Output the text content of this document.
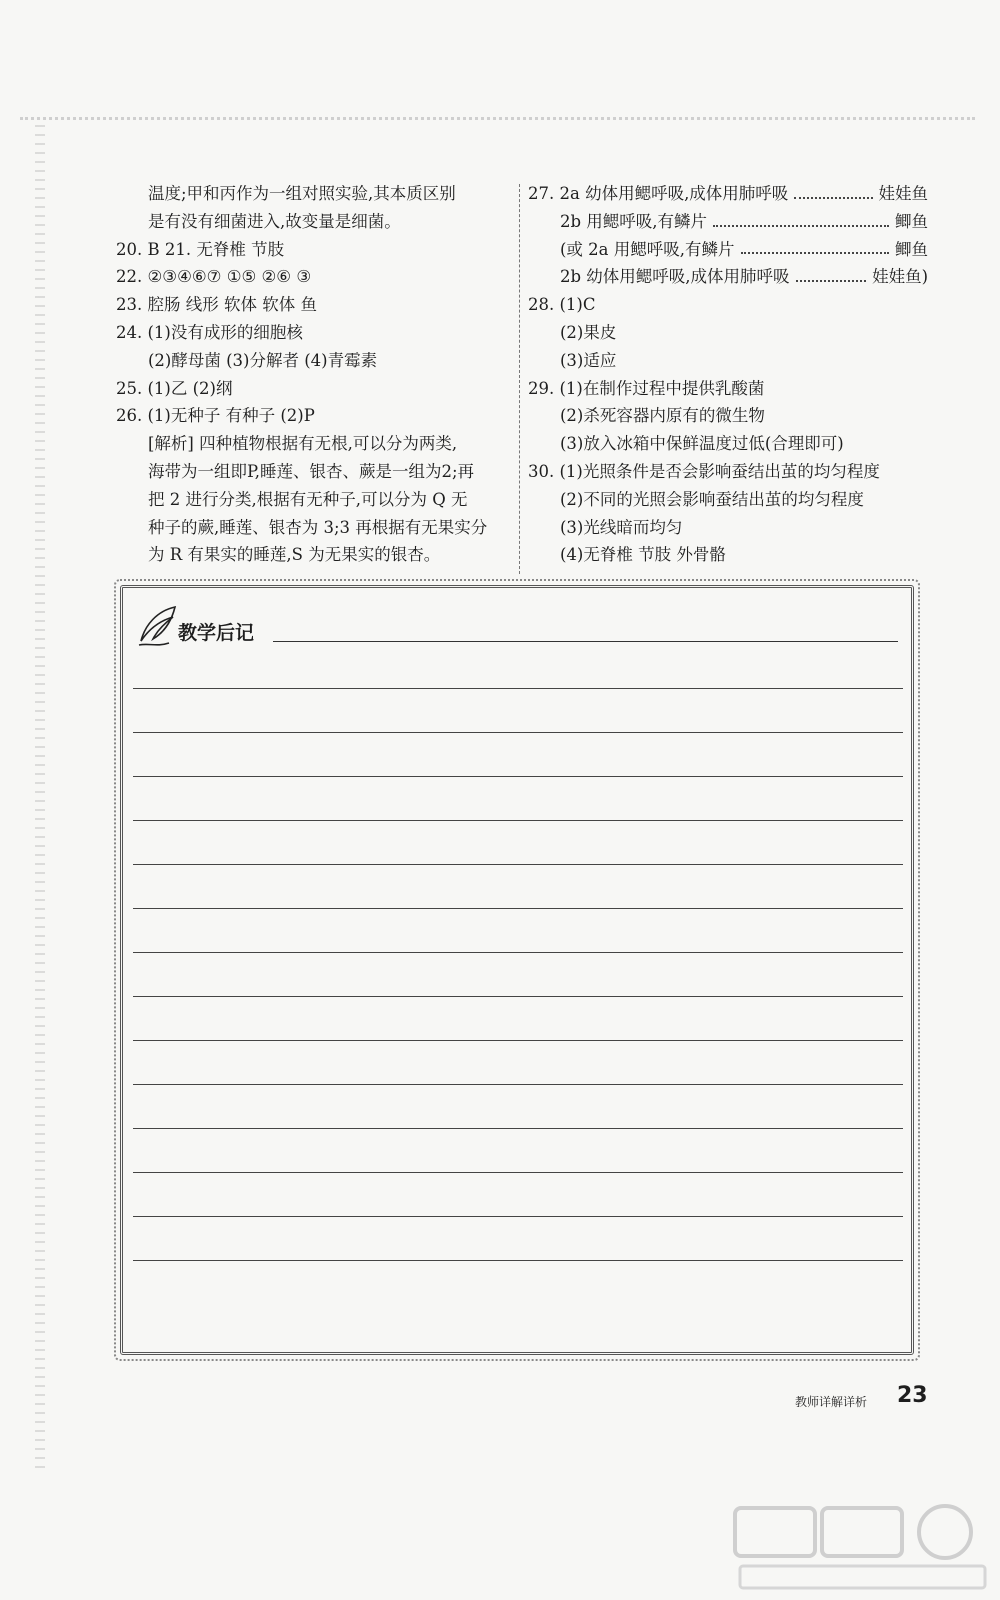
温度;甲和丙作为一组对照实验,其本质区别
是有没有细菌进入,故变量是细菌。
20. B 21. 无脊椎 节肢
22. ②③④⑥⑦ ①⑤ ②⑥ ③
23. 腔肠 线形 软体 软体 鱼
24. (1)没有成形的细胞核
(2)酵母菌 (3)分解者 (4)青霉素
25. (1)乙 (2)纲
26. (1)无种子 有种子 (2)P
[解析] 四种植物根据有无根,可以分为两类,
海带为一组即P,睡莲、银杏、蕨是一组为2;再
把 2 进行分类,根据有无种子,可以分为 Q 无
种子的蕨,睡莲、银杏为 3;3 再根据有无果实分
为 R 有果实的睡莲,S 为无果实的银杏。
27. 2a 幼体用鳃呼吸,成体用肺呼吸	娃娃鱼
2b 用鳃呼吸,有鳞片	鲫鱼
(或 2a 用鳃呼吸,有鳞片	鲫鱼
2b 幼体用鳃呼吸,成体用肺呼吸	娃娃鱼)
28. (1)C
(2)果皮
(3)适应
29. (1)在制作过程中提供乳酸菌
(2)杀死容器内原有的微生物
(3)放入冰箱中保鲜温度过低(合理即可)
30. (1)光照条件是否会影响蚕结出茧的均匀程度
(2)不同的光照会影响蚕结出茧的均匀程度
(3)光线暗而均匀
(4)无脊椎 节肢 外骨骼
教学后记
教师详解详析 23
